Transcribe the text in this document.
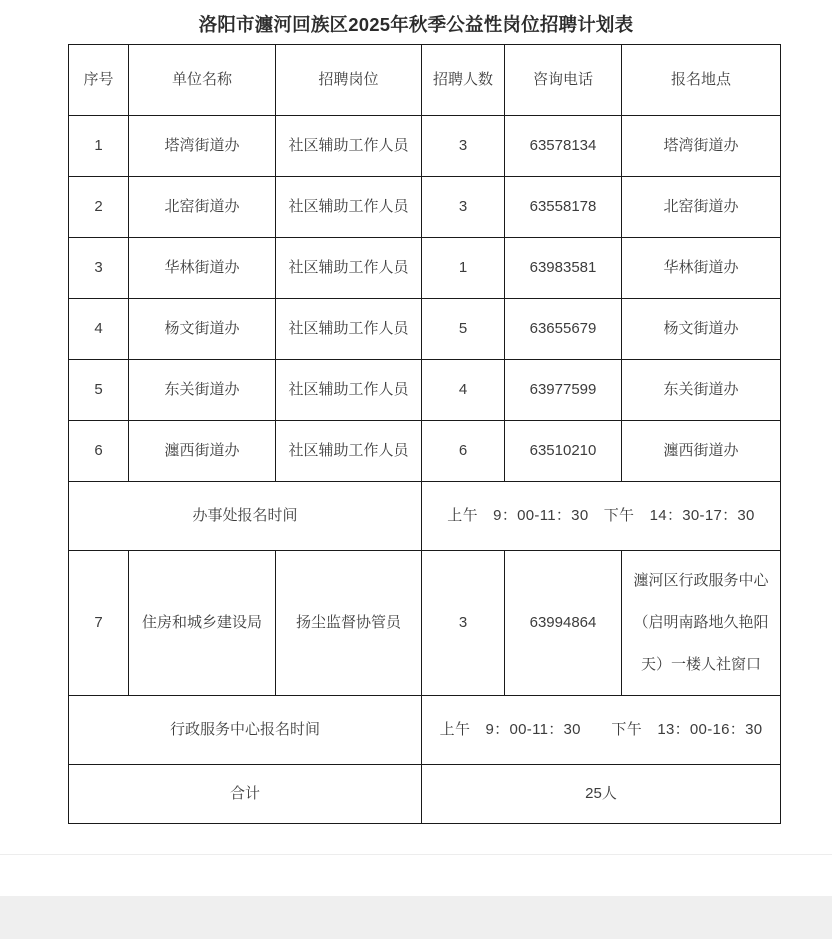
洛阳市瀍河回族区2025年秋季公益性岗位招聘计划表
序号	单位名称	招聘岗位	招聘人数	咨询电话	报名地点
1	塔湾街道办	社区辅助工作人员	3	63578134	塔湾街道办
2	北窑街道办	社区辅助工作人员	3	63558178	北窑街道办
3	华林街道办	社区辅助工作人员	1	63983581	华林街道办
4	杨文街道办	社区辅助工作人员	5	63655679	杨文街道办
5	东关街道办	社区辅助工作人员	4	63977599	东关街道办
6	瀍西街道办	社区辅助工作人员	6	63510210	瀍西街道办
办事处报名时间			上午　9：00-11：30　下午　14：30-17：30		
7	住房和城乡建设局	扬尘监督协管员	3	63994864	瀍河区行政服务中心
（启明南路地久艳阳
天）一楼人社窗口

行政服务中心报名时间			上午　9：00-11：30　　下午　13：00-16：30		
合计			25人		
